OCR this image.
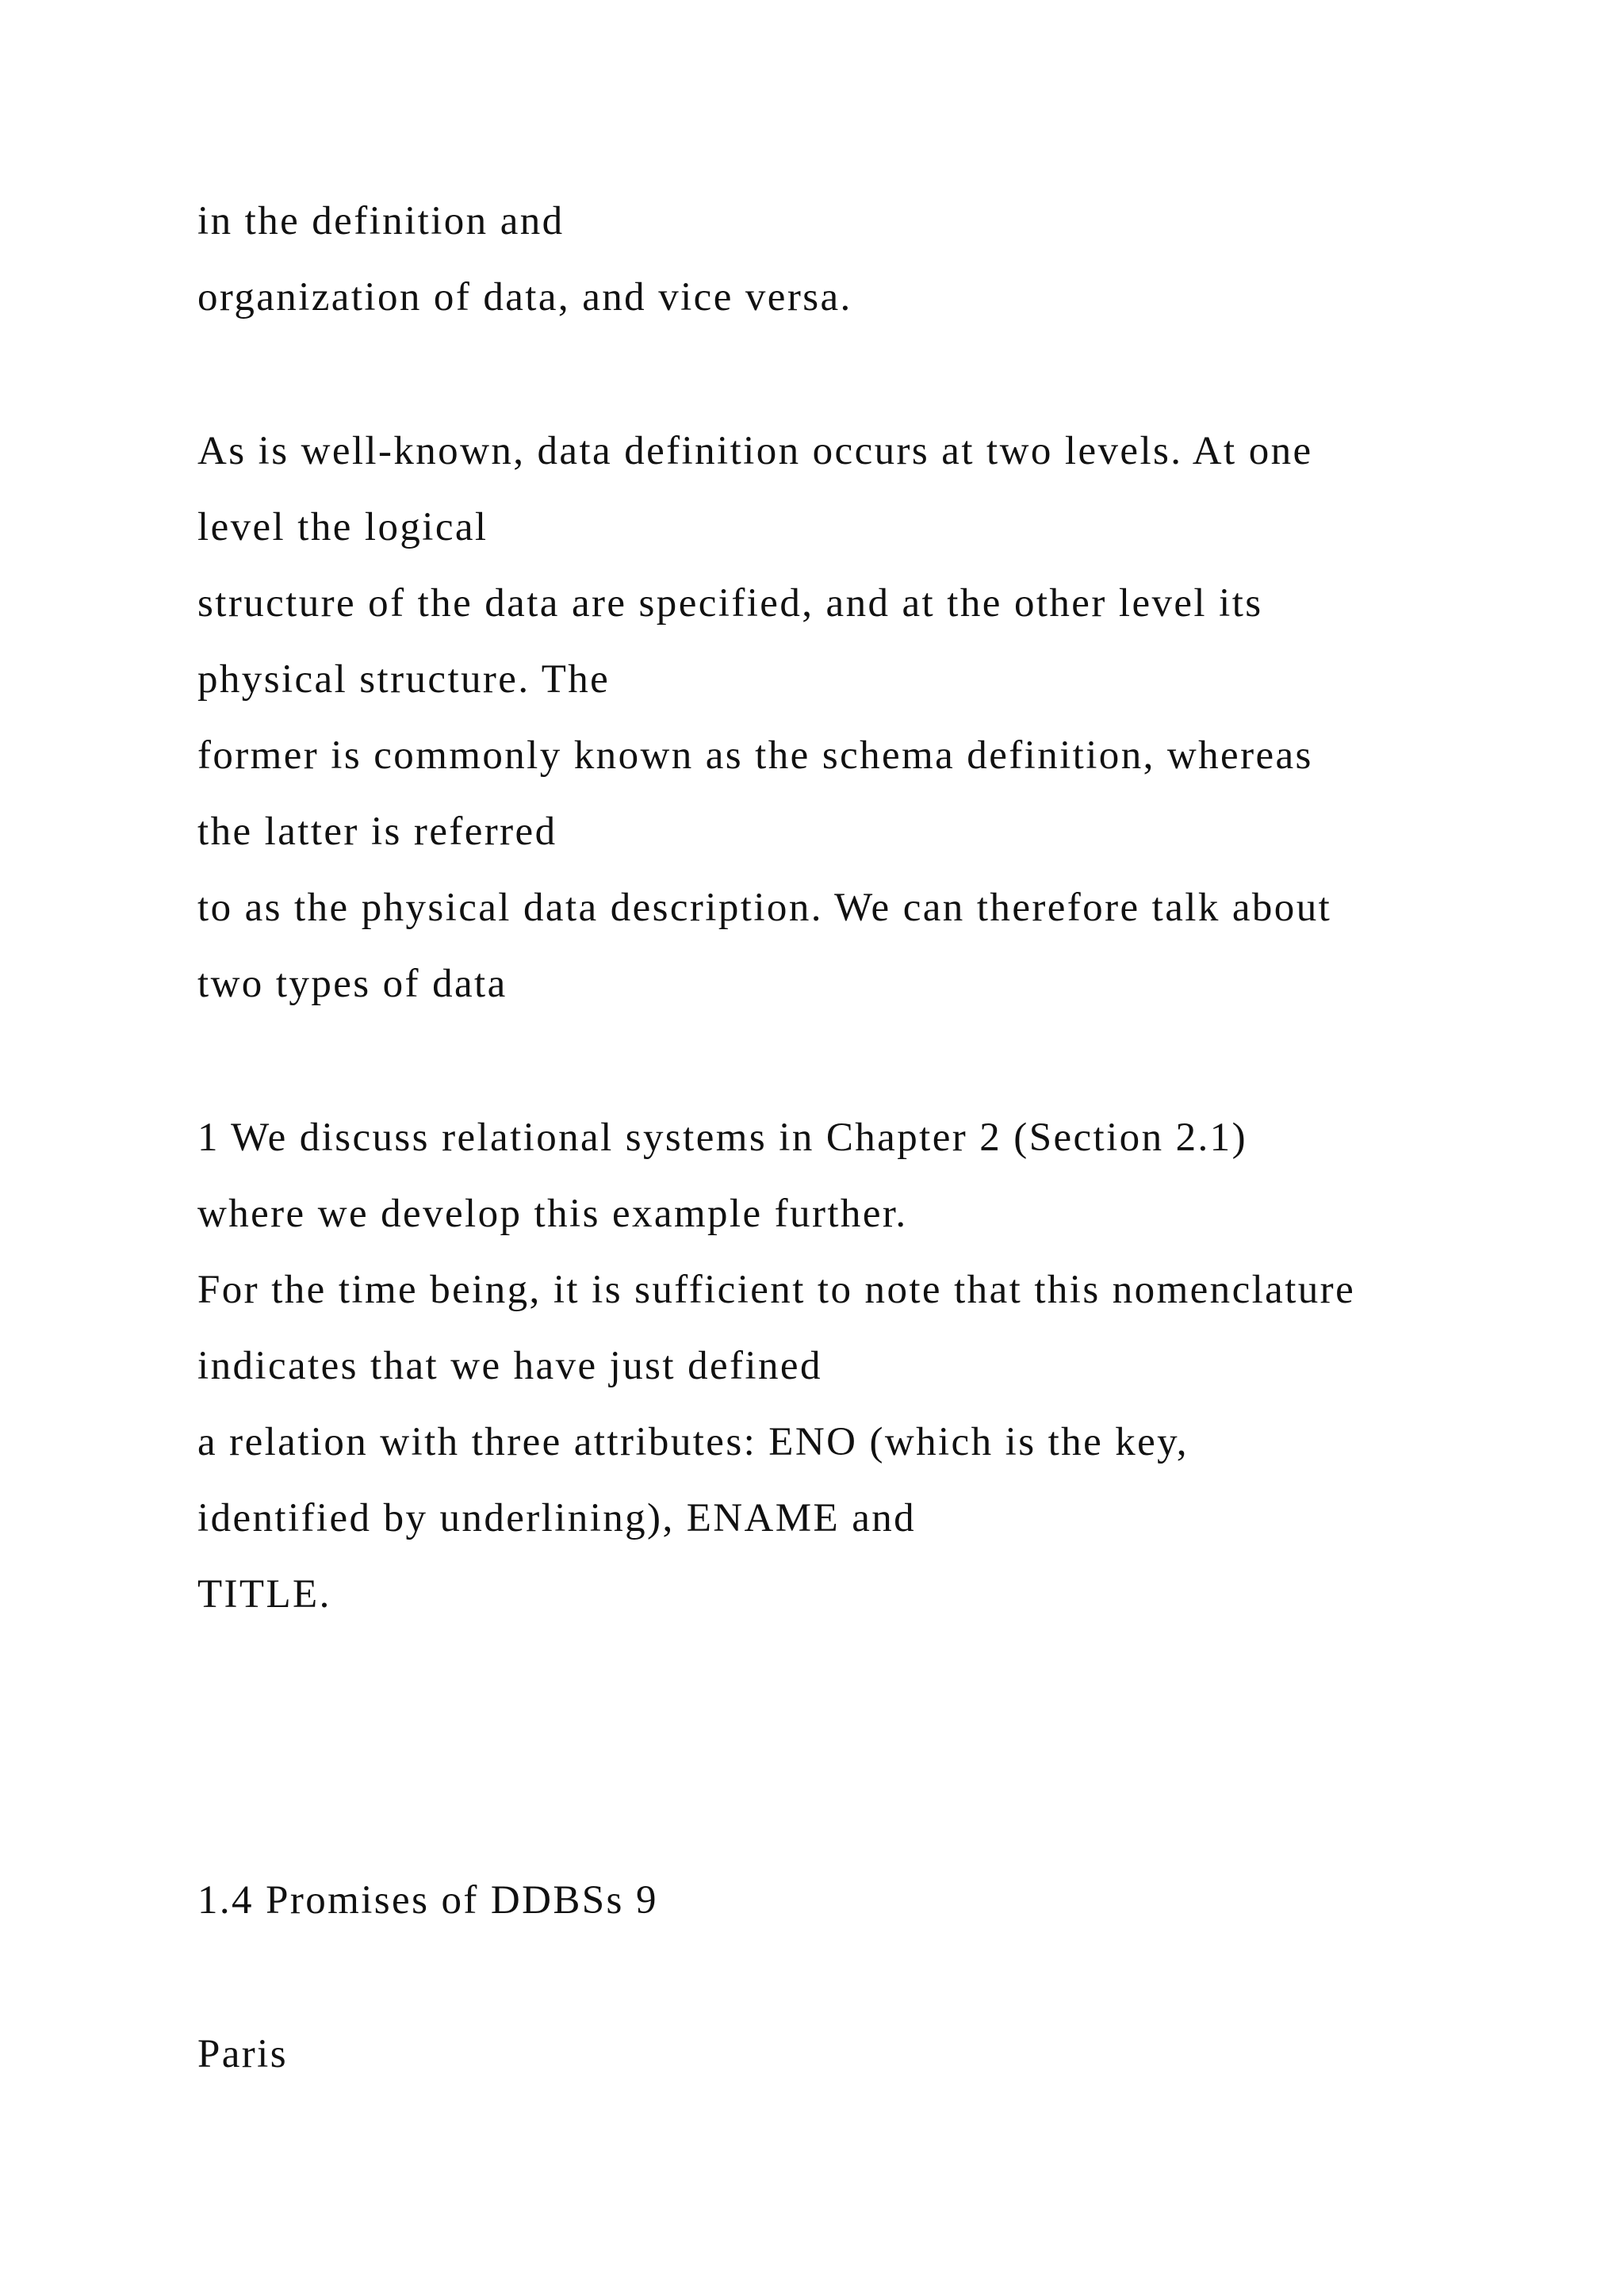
in the definition and
organization of data, and vice versa.
As is well-known, data definition occurs at two levels. At one
level the logical
structure of the data are specified, and at the other level its
physical structure. The
former is commonly known as the schema definition, whereas
the latter is referred
to as the physical data description. We can therefore talk about
two types of data
1 We discuss relational systems in Chapter 2 (Section 2.1)
where we develop this example further.
For the time being, it is sufficient to note that this nomenclature
indicates that we have just defined
a relation with three attributes: ENO (which is the key,
identified by underlining), ENAME and
TITLE.
1.4 Promises of DDBSs 9
Paris
